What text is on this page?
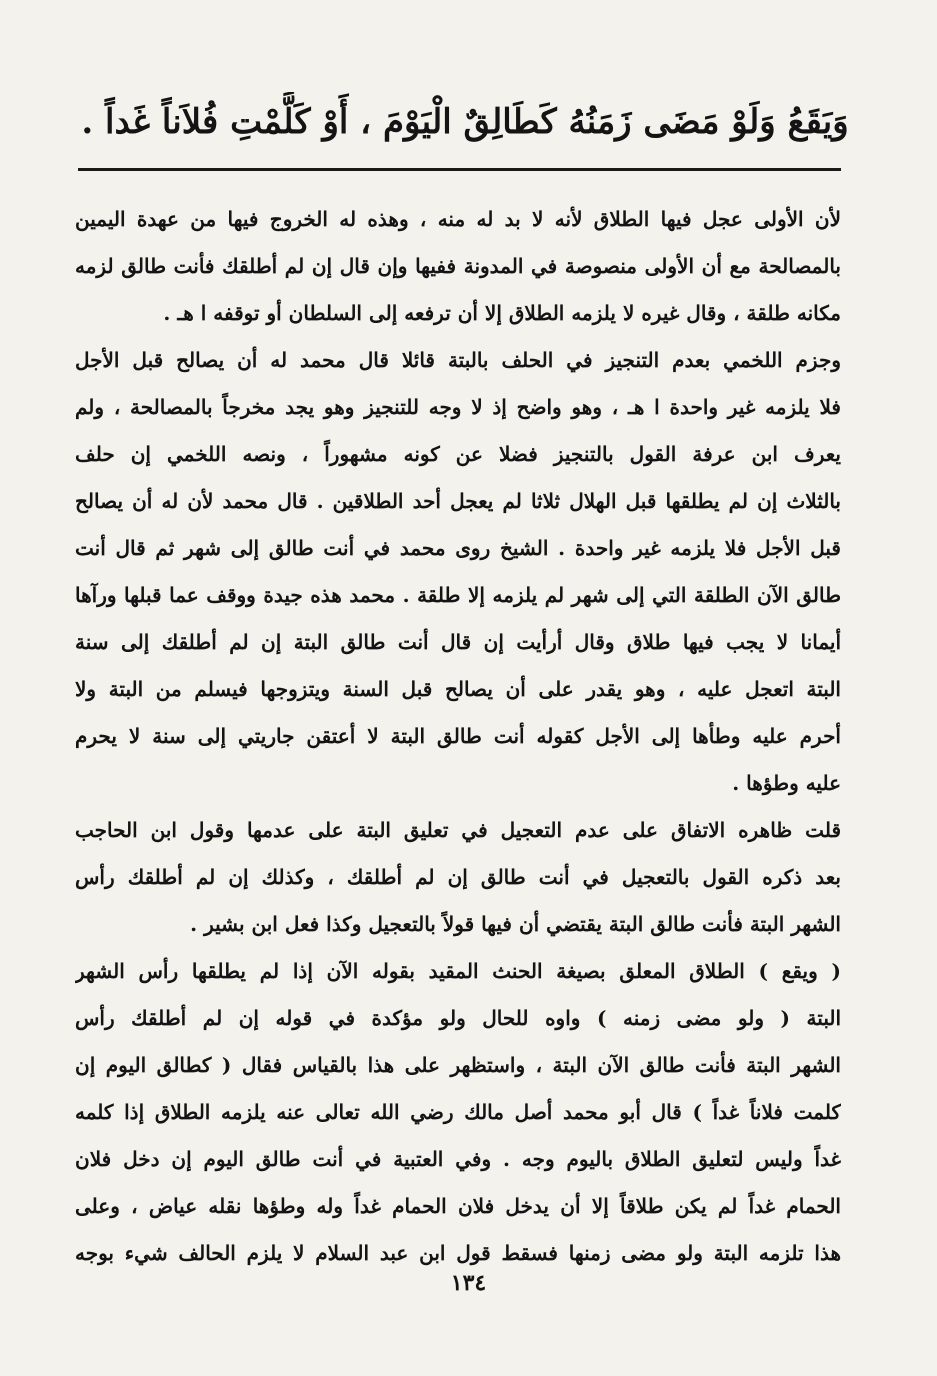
وَيَقَعُ وَلَوْ مَضَى زَمَنُهُ كَطَالِقٌ الْيَوْمَ ، أَوْ كَلَّمْتِ فُلاَناً غَداً .
لأن الأولى عجل فيها الطلاق لأنه لا بد له منه ، وهذه له الخروج فيها من عهدة اليمين
بالمصالحة مع أن الأولى منصوصة في المدونة ففيها وإن قال إن لم أطلقك فأنت طالق لزمه
مكانه طلقة ، وقال غيره لا يلزمه الطلاق إلا أن ترفعه إلى السلطان أو توقفه ا هـ .
وجزم اللخمي بعدم التنجيز في الحلف بالبتة قائلا قال محمد له أن يصالح قبل الأجل
فلا يلزمه غير واحدة ا هـ ، وهو واضح إذ لا وجه للتنجيز وهو يجد مخرجاً بالمصالحة ، ولم
يعرف ابن عرفة القول بالتنجيز فضلا عن كونه مشهوراً ، ونصه اللخمي إن حلف
بالثلاث إن لم يطلقها قبل الهلال ثلاثا لم يعجل أحد الطلاقين . قال محمد لأن له أن يصالح
قبل الأجل فلا يلزمه غير واحدة . الشيخ روى محمد في أنت طالق إلى شهر ثم قال أنت
طالق الآن الطلقة التي إلى شهر لم يلزمه إلا طلقة . محمد هذه جيدة ووقف عما قبلها ورآها
أيمانا لا يجب فيها طلاق وقال أرأيت إن قال أنت طالق البتة إن لم أطلقك إلى سنة
البتة اتعجل عليه ، وهو يقدر على أن يصالح قبل السنة ويتزوجها فيسلم من البتة ولا
أحرم عليه وطأها إلى الأجل كقوله أنت طالق البتة لا أعتقن جاريتي إلى سنة لا يحرم
عليه وطؤها .
قلت ظاهره الاتفاق على عدم التعجيل في تعليق البتة على عدمها وقول ابن الحاجب
بعد ذكره القول بالتعجيل في أنت طالق إن لم أطلقك ، وكذلك إن لم أطلقك رأس
الشهر البتة فأنت طالق البتة يقتضي أن فيها قولاً بالتعجيل وكذا فعل ابن بشير .
( ويقع ) الطلاق المعلق بصيغة الحنث المقيد بقوله الآن إذا لم يطلقها رأس الشهر
البتة ( ولو مضى زمنه ) واوه للحال ولو مؤكدة في قوله إن لم أطلقك رأس
الشهر البتة فأنت طالق الآن البتة ، واستظهر على هذا بالقياس فقال ( كطالق اليوم إن
كلمت فلاناً غداً ) قال أبو محمد أصل مالك رضي الله تعالى عنه يلزمه الطلاق إذا كلمه
غداً وليس لتعليق الطلاق باليوم وجه . وفي العتبية في أنت طالق اليوم إن دخل فلان
الحمام غداً لم يكن طلاقاً إلا أن يدخل فلان الحمام غداً وله وطؤها نقله عياض ، وعلى
هذا تلزمه البتة ولو مضى زمنها فسقط قول ابن عبد السلام لا يلزم الحالف شيء بوجه
١٣٤
